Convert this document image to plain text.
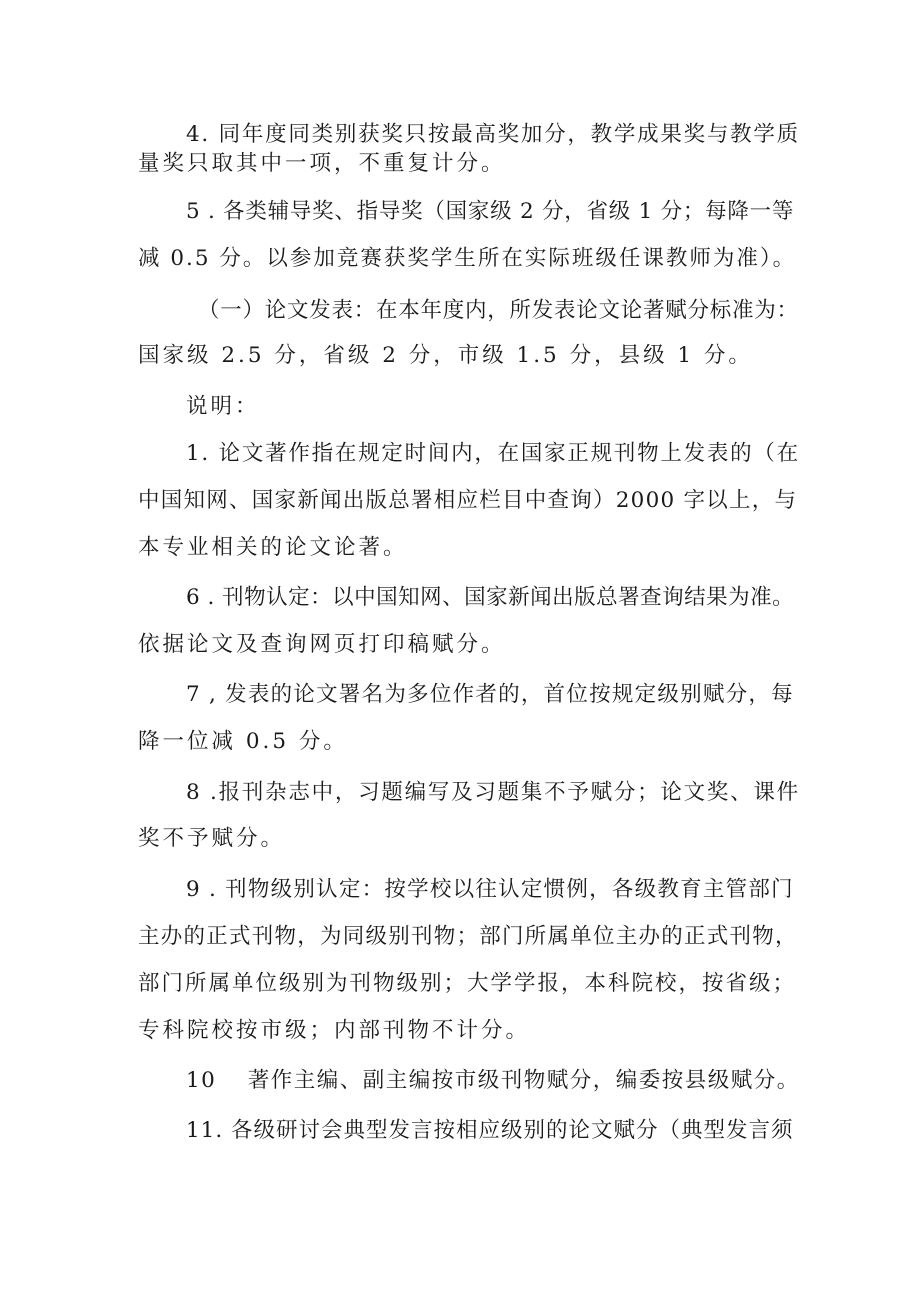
4. 同年度同类别获奖只按最高奖加分，教学成果奖与教学质
量奖只取其中一项，不重复计分。
5 . 各类辅导奖、指导奖（国家级 2 分，省级 1 分；每降一等
减 0.5 分。以参加竞赛获奖学生所在实际班级任课教师为准）。
（一）论文发表：在本年度内，所发表论文论著赋分标准为：
国家级 2.5 分，省级 2 分，市级 1.5 分，县级 1 分。
说明：
1. 论文著作指在规定时间内，在国家正规刊物上发表的（在
中国知网、国家新闻出版总署相应栏目中查询）2000 字以上，与
本专业相关的论文论著。
6 . 刊物认定：以中国知网、国家新闻出版总署查询结果为准。
依据论文及查询网页打印稿赋分。
7 , 发表的论文署名为多位作者的，首位按规定级别赋分，每
降一位减 0.5 分。
8 .报刊杂志中，习题编写及习题集不予赋分；论文奖、课件
奖不予赋分。
9 . 刊物级别认定：按学校以往认定惯例，各级教育主管部门
主办的正式刊物，为同级别刊物；部门所属单位主办的正式刊物，
部门所属单位级别为刊物级别；大学学报，本科院校，按省级；
专科院校按市级；内部刊物不计分。
10　 著作主编、副主编按市级刊物赋分，编委按县级赋分。
11. 各级研讨会典型发言按相应级别的论文赋分（典型发言须
